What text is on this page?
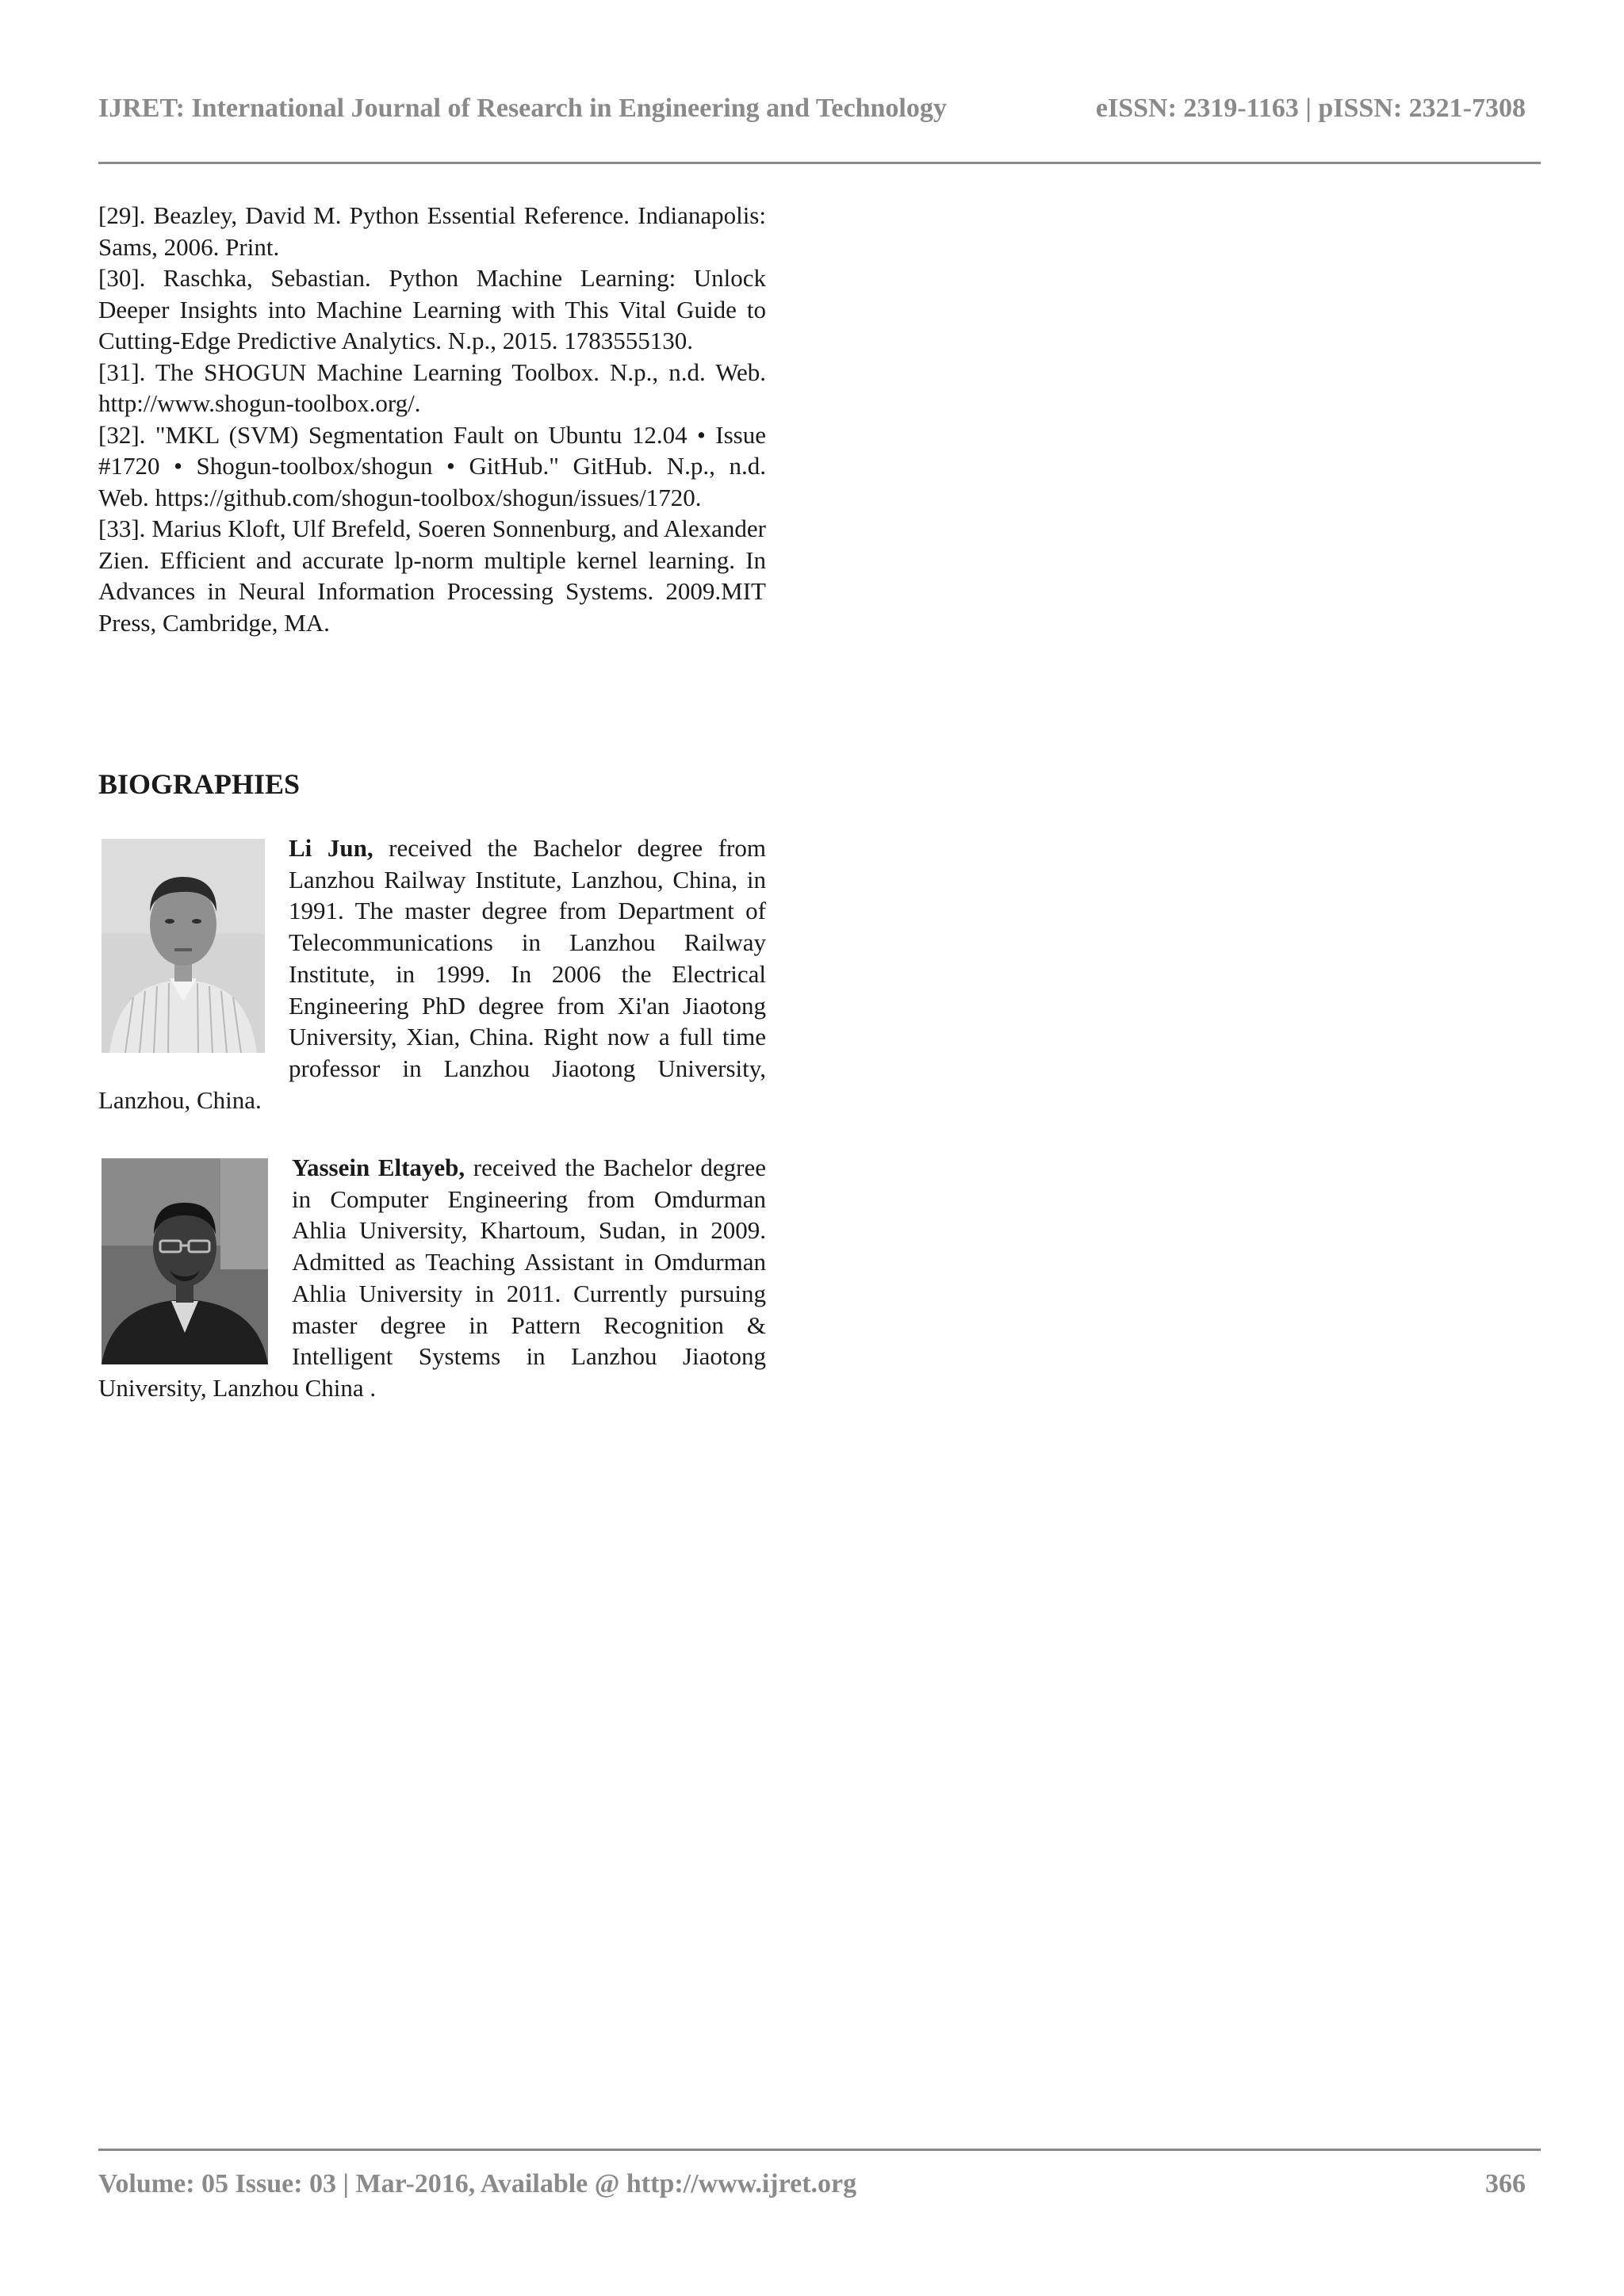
IJRET: International Journal of Research in Engineering and Technology	eISSN: 2319-1163 | pISSN: 2321-7308

[29]. Beazley, David M. Python Essential Reference. Indianapolis: Sams, 2006. Print.

[30]. Raschka, Sebastian. Python Machine Learning: Unlock Deeper Insights into Machine Learning with This Vital Guide to Cutting-Edge Predictive Analytics. N.p., 2015. 1783555130.

[31]. The SHOGUN Machine Learning Toolbox. N.p., n.d. Web. http://www.shogun-toolbox.org/.

[32]. "MKL (SVM) Segmentation Fault on Ubuntu 12.04 • Issue #1720 • Shogun-toolbox/shogun • GitHub." GitHub. N.p., n.d. Web. https://github.com/shogun-toolbox/shogun/issues/1720.

[33]. Marius Kloft, Ulf Brefeld, Soeren Sonnenburg, and Alexander Zien. Efficient and accurate lp-norm multiple kernel learning. In Advances in Neural Information Processing Systems. 2009.MIT Press, Cambridge, MA.

BIOGRAPHIES
Li Jun, received the Bachelor degree from Lanzhou Railway Institute, Lanzhou, China, in 1991. The master degree from Department of Telecommunications in Lanzhou Railway Institute, in 1999. In 2006 the Electrical Engineering PhD degree from Xi'an Jiaotong University, Xian, China. Right now a full time professor in Lanzhou Jiaotong University, Lanzhou, China.
Yassein Eltayeb, received the Bachelor degree in Computer Engineering from Omdurman Ahlia University, Khartoum, Sudan, in 2009. Admitted as Teaching Assistant in Omdurman Ahlia University in 2011. Currently pursuing master degree in Pattern Recognition & Intelligent Systems in Lanzhou Jiaotong University, Lanzhou China .
Volume: 05 Issue: 03 | Mar-2016, Available @ http://www.ijret.org	366
